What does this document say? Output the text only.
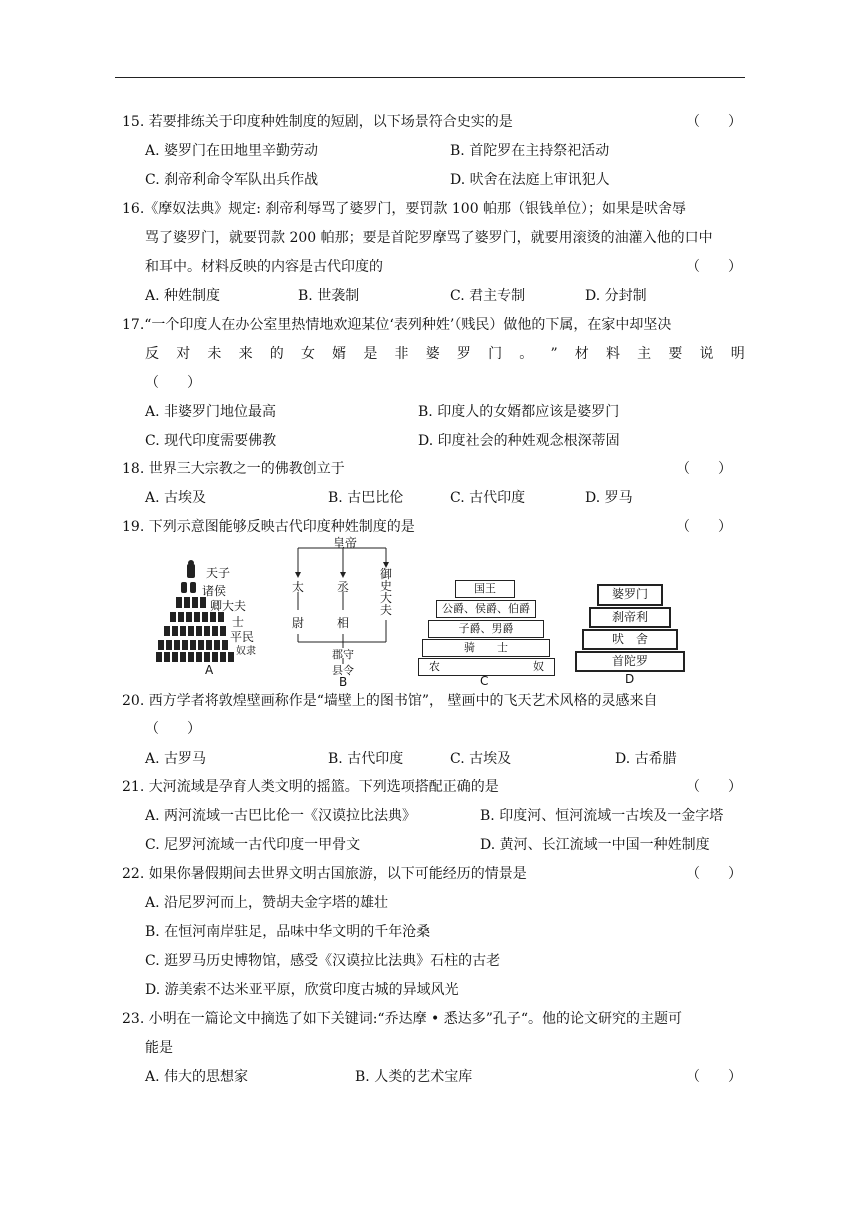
15. 若要排练关于印度种姓制度的短剧，以下场景符合史实的是	（　　）
A. 婆罗门在田地里辛勤劳动	B. 首陀罗在主持祭祀活动
C. 刹帝利命令军队出兵作战	D. 吠舍在法庭上审讯犯人
16.《摩奴法典》规定: 刹帝利辱骂了婆罗门，要罚款 100 帕那（银钱单位）；如果是吠舍辱
骂了婆罗门，就要罚款 200 帕那；要是首陀罗摩骂了婆罗门，就要用滚烫的油灌入他的口中
和耳中。材料反映的内容是古代印度的	（　　）
A. 种姓制度	B. 世袭制	C. 君主专制	D. 分封制
17.“一个印度人在办公室里热情地欢迎某位‘表列种姓’（贱民）做他的下属，在家中却坚决
反 对 未 来 的 女 婿 是 非 婆 罗 门 。 ” 材 料 主 要 说 明
（　　）
A. 非婆罗门地位最高	B. 印度人的女婿都应该是婆罗门
C. 现代印度需要佛教	D. 印度社会的种姓观念根深蒂固
18. 世界三大宗教之一的佛教创立于	（　　）
A. 古埃及	B. 古巴比伦	C. 古代印度	D. 罗马
19. 下列示意图能够反映古代印度种姓制度的是	（　　）
天子
诸侯
卿大夫
士
平民
奴隶
A
皇帝
太	丞
御史大夫
尉	相
郡守
县令
B
国王
公爵、侯爵、伯爵
子爵、男爵
骑　　士
农	奴
C
婆罗门
刹帝利
吠　舍
首陀罗
D
20. 西方学者将敦煌壁画称作是“墙壁上的图书馆”， 壁画中的飞天艺术风格的灵感来自
（　　）
A. 古罗马	B. 古代印度	C. 古埃及	D. 古希腊
21. 大河流域是孕育人类文明的摇篮。下列选项搭配正确的是	（　　）
A. 两河流域一古巴比伦一《汉谟拉比法典》	B. 印度河、恒河流域一古埃及一金字塔
C. 尼罗河流域一古代印度一甲骨文	D. 黄河、长江流域一中国一种姓制度
22. 如果你暑假期间去世界文明古国旅游，以下可能经历的情景是	（　　）
A. 沿尼罗河而上，赞胡夫金字塔的雄壮
B. 在恒河南岸驻足，品味中华文明的千年沧桑
C. 逛罗马历史博物馆，感受《汉谟拉比法典》石柱的古老
D. 游美索不达米亚平原，欣赏印度古城的异域风光
23. 小明在一篇论文中摘选了如下关键词:“乔达摩 • 悉达多”孔子“。他的论文研究的主题可
能是
A. 伟大的思想家	B. 人类的艺术宝库	（　　）
